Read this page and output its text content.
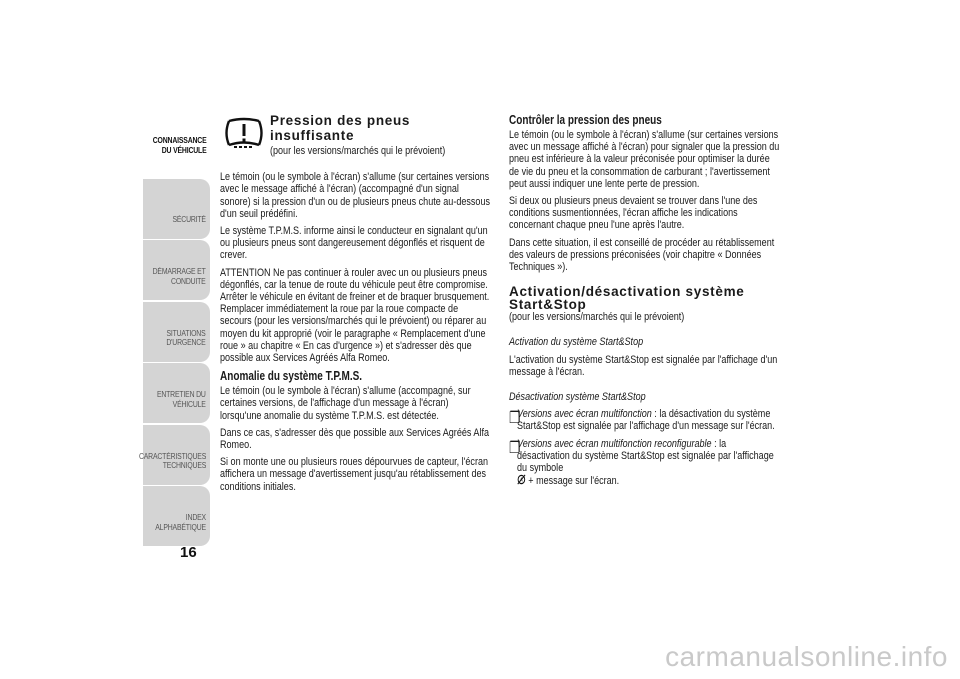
CONNAISSANCE
DU VÉHICULE
SÉCURITÉ
DÉMARRAGE ET
CONDUITE
SITUATIONS
D'URGENCE
ENTRETIEN DU
VÉHICULE
CARACTÉRISTIQUES
TECHNIQUES
INDEX
ALPHABÉTIQUE
16
Pression des pneus insuffisante

(pour les versions/marchés qui le prévoient)

Le témoin (ou le symbole à l'écran) s'allume (sur certaines versions avec le message affiché à l'écran) (accompagné d'un signal sonore) si la pression d'un ou de plusieurs pneus chute au-dessous d'un seuil prédéfini.

Le système T.P.M.S. informe ainsi le conducteur en signalant qu'un ou plusieurs pneus sont dangereusement dégonflés et risquent de crever.

ATTENTION Ne pas continuer à rouler avec un ou plusieurs pneus dégonflés, car la tenue de route du véhicule peut être compromise. Arrêter le véhicule en évitant de freiner et de braquer brusquement. Remplacer immédiatement la roue par la roue compacte de secours (pour les versions/marchés qui le prévoient) ou réparer au moyen du kit approprié (voir le paragraphe « Remplacement d'une roue » au chapitre « En cas d'urgence ») et s'adresser dès que possible aux Services Agréés Alfa Romeo.

Anomalie du système T.P.M.S.

Le témoin (ou le symbole à l'écran) s'allume (accompagné, sur certaines versions, de l'affichage d'un message à l'écran) lorsqu'une anomalie du système T.P.M.S. est détectée.

Dans ce cas, s'adresser dès que possible aux Services Agréés Alfa Romeo.

Si on monte une ou plusieurs roues dépourvues de capteur, l'écran affichera un message d'avertissement jusqu'au rétablissement des conditions initiales.

Contrôler la pression des pneus

Le témoin (ou le symbole à l'écran) s'allume (sur certaines versions avec un message affiché à l'écran) pour signaler que la pression du pneu est inférieure à la valeur préconisée pour optimiser la durée de vie du pneu et la consommation de carburant ; l'avertissement peut aussi indiquer une lente perte de pression.

Si deux ou plusieurs pneus devaient se trouver dans l'une des conditions susmentionnées, l'écran affiche les indications concernant chaque pneu l'une après l'autre.

Dans cette situation, il est conseillé de procéder au rétablissement des valeurs de pressions préconisées (voir chapitre « Données Techniques »).

Activation/désactivation système
Start&Stop

(pour les versions/marchés qui le prévoient)

Activation du système Start&Stop

L'activation du système Start&Stop est signalée par l'affichage d'un message à l'écran.

Désactivation système Start&Stop

❐

Versions avec écran multifonction : la désactivation du système Start&Stop est signalée par l'affichage d'un message sur l'écran.

❐

Versions avec écran multifonction reconfigurable : la désactivation du système Start&Stop est signalée par l'affichage du symbole

+ message sur l'écran.

carmanualsonline.info
